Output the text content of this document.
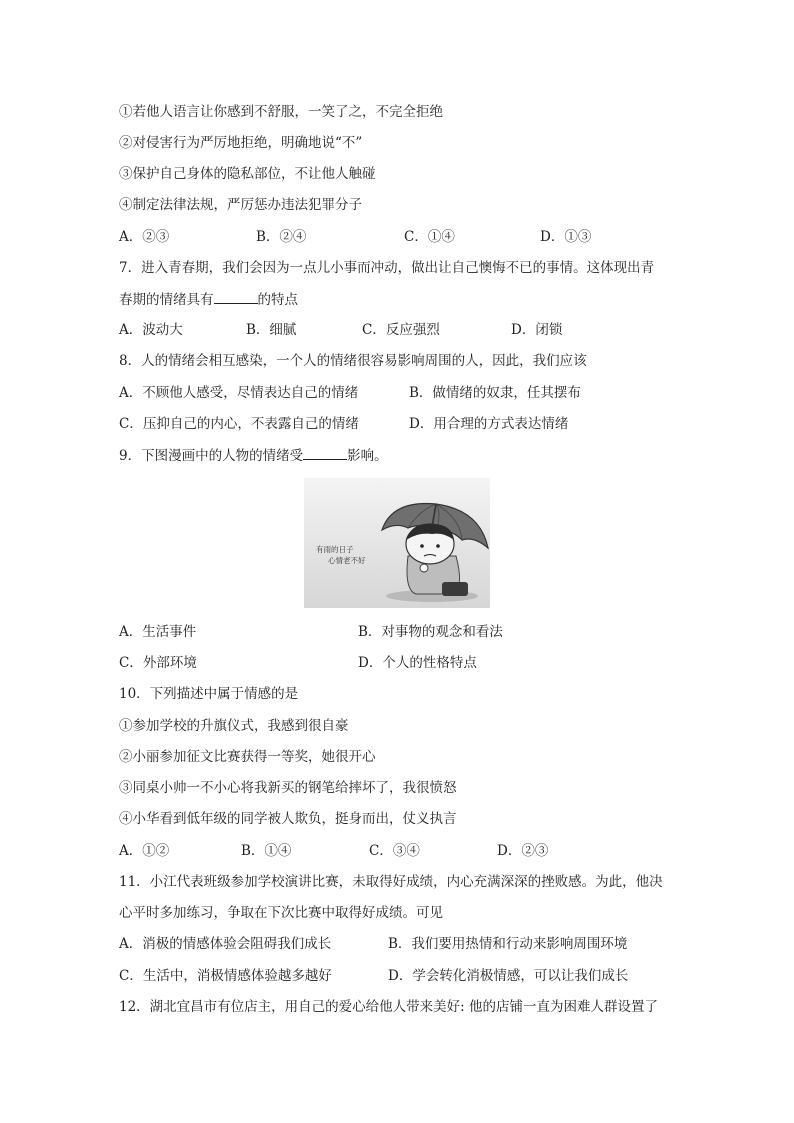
①若他人语言让你感到不舒服，一笑了之，不完全拒绝

②对侵害行为严厉地拒绝，明确地说“不”

③保护自己身体的隐私部位，不让他人触碰

④制定法律法规，严厉惩办违法犯罪分子

A．②③	B．②④	C．①④	D．①③

7．进入青春期，我们会因为一点儿小事而冲动，做出让自己懊悔不已的事情。这体现出青

春期的情绪具有	的特点

A．波动大	B．细腻	C．反应强烈	D．闭锁

8．人的情绪会相互感染，一个人的情绪很容易影响周围的人，因此，我们应该

A．不顾他人感受，尽情表达自己的情绪	B．做情绪的奴隶，任其摆布
C．压抑自己的内心，不表露自己的情绪	D．用合理的方式表达情绪

9．下图漫画中的人物的情绪受	影响。

有雨的日子
心情老不好
A．生活事件	B．对事物的观念和看法
C．外部环境	D．个人的性格特点

10．下列描述中属于情感的是

①参加学校的升旗仪式，我感到很自豪

②小丽参加征文比赛获得一等奖，她很开心

③同桌小帅一不小心将我新买的钢笔给摔坏了，我很愤怒

④小华看到低年级的同学被人欺负，挺身而出，仗义执言

A．①②	B．①④	C．③④	D．②③

11．小江代表班级参加学校演讲比赛，未取得好成绩，内心充满深深的挫败感。为此，他决

心平时多加练习，争取在下次比赛中取得好成绩。可见

A．消极的情感体验会阻碍我们成长	B．我们要用热情和行动来影响周围环境
C．生活中，消极情感体验越多越好	D．学会转化消极情感，可以让我们成长

12．湖北宜昌市有位店主，用自己的爱心给他人带来美好: 他的店铺一直为困难人群设置了
